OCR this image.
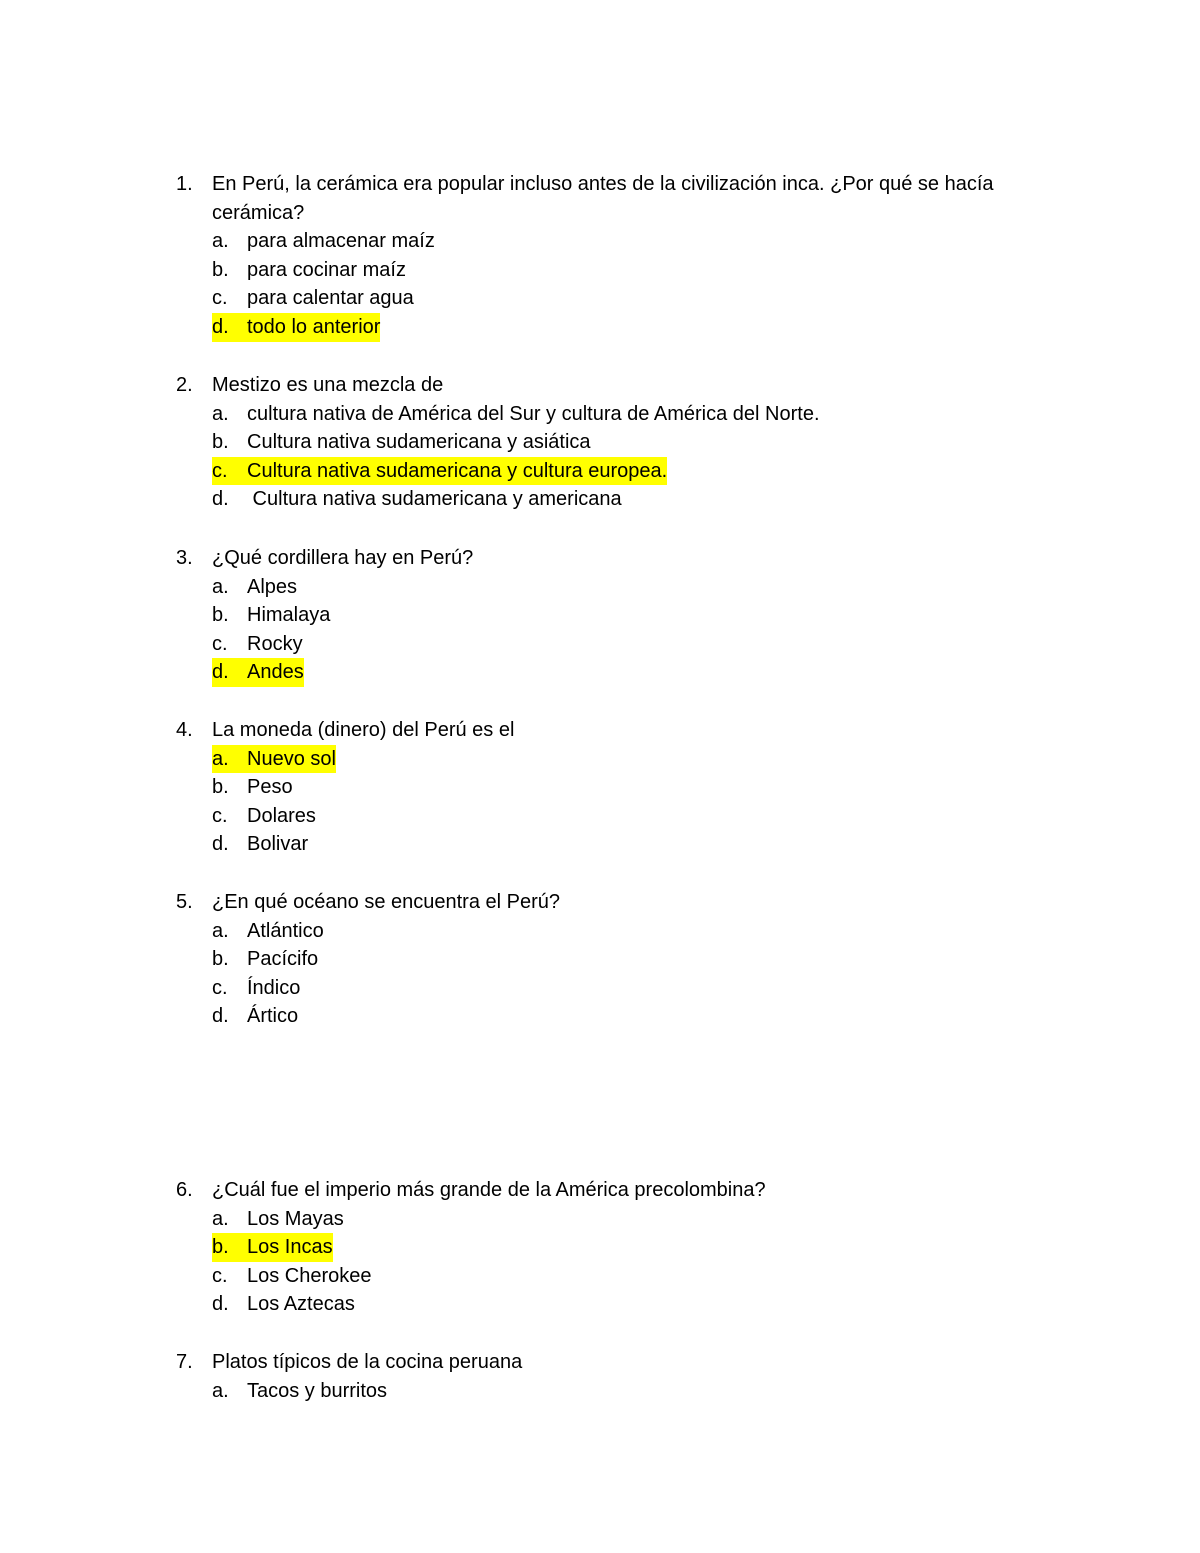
1. En Perú, la cerámica era popular incluso antes de la civilización inca. ¿Por qué se hacía cerámica?
a. para almacenar maíz
b. para cocinar maíz
c. para calentar agua
d. todo lo anterior
2. Mestizo es una mezcla de
a. cultura nativa de América del Sur y cultura de América del Norte.
b. Cultura nativa sudamericana y asiática
c. Cultura nativa sudamericana y cultura europea.
d. Cultura nativa sudamericana y americana
3. ¿Qué cordillera hay en Perú?
a. Alpes
b. Himalaya
c. Rocky
d. Andes
4. La moneda (dinero) del Perú es el
a. Nuevo sol
b. Peso
c. Dolares
d. Bolivar
5. ¿En qué océano se encuentra el Perú?
a. Atlántico
b. Pacícifo
c. Índico
d. Ártico
6. ¿Cuál fue el imperio más grande de la América precolombina?
a. Los Mayas
b. Los Incas
c. Los Cherokee
d. Los Aztecas
7. Platos típicos de la cocina peruana
a. Tacos y burritos
